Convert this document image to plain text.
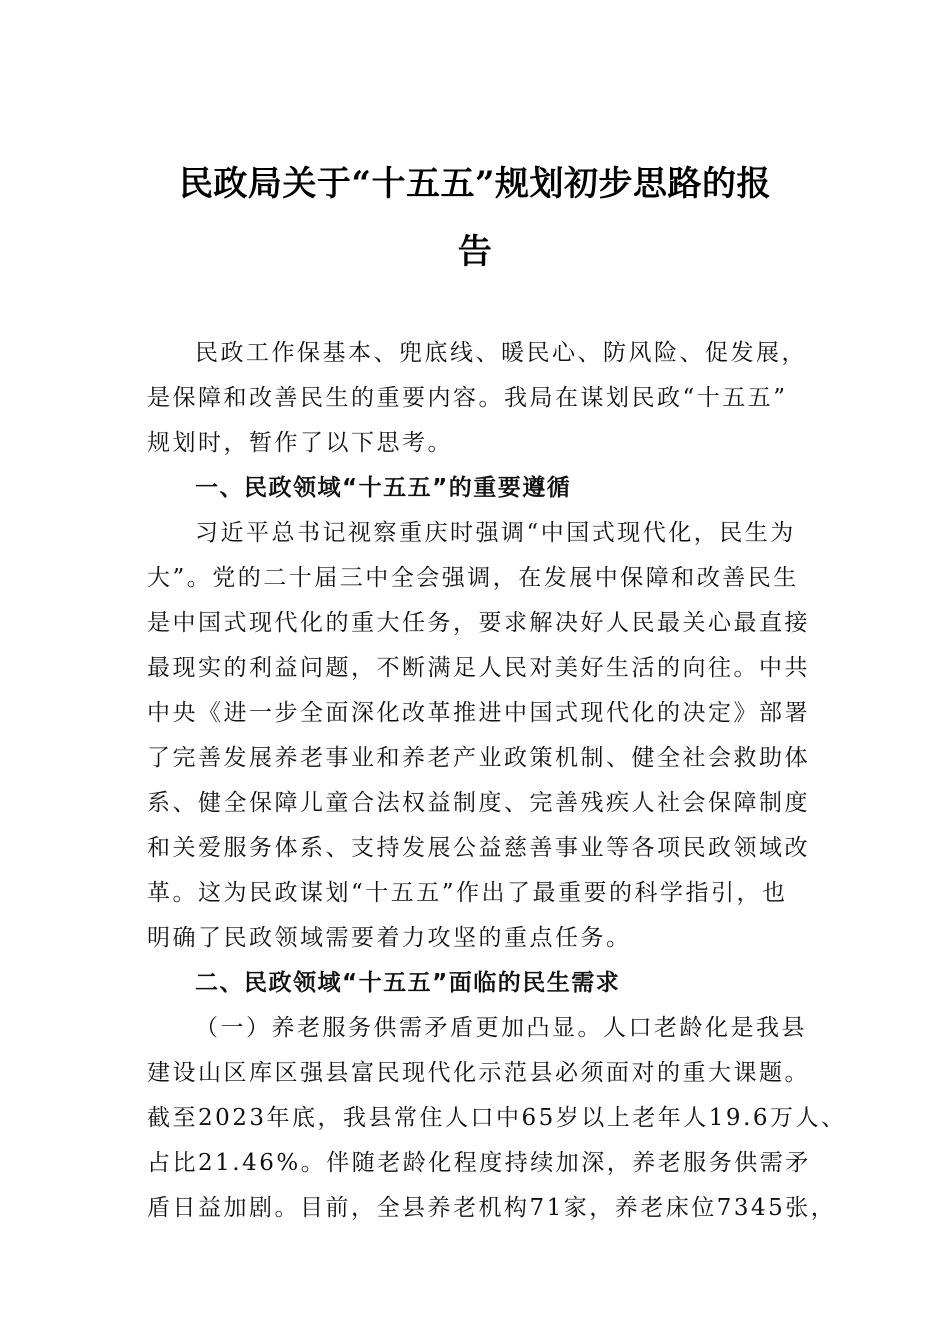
民政局关于“十五五”规划初步思路的报
告
民政工作保基本、兜底线、暖民心、防风险、促发展，
是保障和改善民生的重要内容。我局在谋划民政“十五五”
规划时，暂作了以下思考。
一、民政领域“十五五”的重要遵循
习近平总书记视察重庆时强调“中国式现代化，民生为
大”。党的二十届三中全会强调，在发展中保障和改善民生
是中国式现代化的重大任务，要求解决好人民最关心最直接
最现实的利益问题，不断满足人民对美好生活的向往。中共
中央《进一步全面深化改革推进中国式现代化的决定》部署
了完善发展养老事业和养老产业政策机制、健全社会救助体
系、健全保障儿童合法权益制度、完善残疾人社会保障制度
和关爱服务体系、支持发展公益慈善事业等各项民政领域改
革。这为民政谋划“十五五”作出了最重要的科学指引，也
明确了民政领域需要着力攻坚的重点任务。
二、民政领域“十五五”面临的民生需求
（一）养老服务供需矛盾更加凸显。人口老龄化是我县
建设山区库区强县富民现代化示范县必须面对的重大课题。
截至2023年底，我县常住人口中65岁以上老年人19.6万人、
占比21.46%。伴随老龄化程度持续加深，养老服务供需矛
盾日益加剧。目前，全县养老机构71家，养老床位7345张，
